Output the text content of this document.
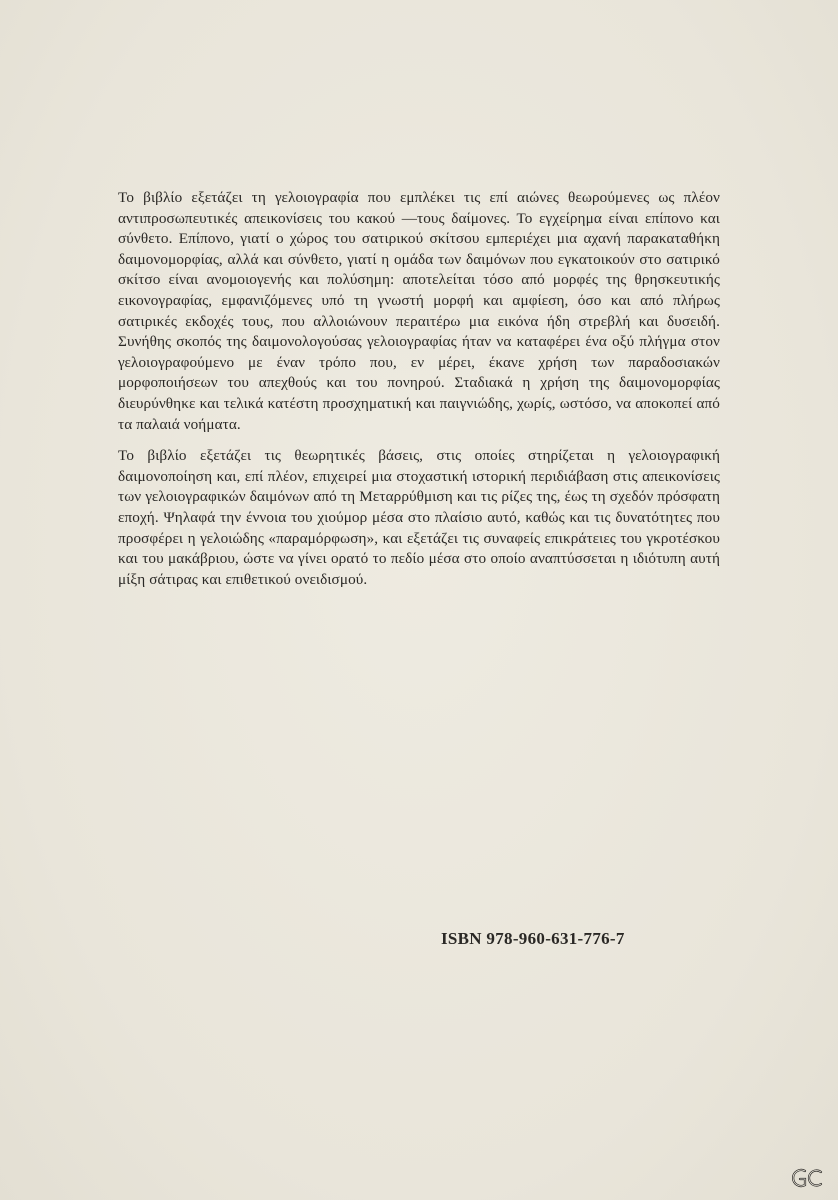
Το βιβλίο εξετάζει τη γελοιογραφία που εμπλέκει τις επί αιώνες θεωρούμενες ως πλέον αντιπροσωπευτικές απεικονίσεις του κακού —τους δαίμονες. Το εγχείρημα είναι επίπονο και σύνθετο. Επίπονο, γιατί ο χώρος του σατιρικού σκίτσου εμπεριέχει μια αχανή παρακαταθήκη δαιμονομορφίας, αλλά και σύνθετο, γιατί η ομάδα των δαιμόνων που εγκατοικούν στο σατιρικό σκίτσο είναι ανομοιογενής και πολύσημη: αποτελείται τόσο από μορφές της θρησκευτικής εικονογραφίας, εμφανιζόμενες υπό τη γνωστή μορφή και αμφίεση, όσο και από πλήρως σατιρικές εκδοχές τους, που αλλοιώνουν περαιτέρω μια εικόνα ήδη στρεβλή και δυσειδή. Συνήθης σκοπός της δαιμονολογούσας γελοιογραφίας ήταν να καταφέρει ένα οξύ πλήγμα στον γελοιογραφούμενο με έναν τρόπο που, εν μέρει, έκανε χρήση των παραδοσιακών μορφοποιήσεων του απεχθούς και του πονηρού. Σταδιακά η χρήση της δαιμονομορφίας διευρύνθηκε και τελικά κατέστη προσχηματική και παιγνιώδης, χωρίς, ωστόσο, να αποκοπεί από τα παλαιά νοήματα.

Το βιβλίο εξετάζει τις θεωρητικές βάσεις, στις οποίες στηρίζεται η γελοιογραφική δαιμονοποίηση και, επί πλέον, επιχειρεί μια στοχαστική ιστορική περιδιάβαση στις απεικονίσεις των γελοιογραφικών δαιμόνων από τη Μεταρρύθμιση και τις ρίζες της, έως τη σχεδόν πρόσφατη εποχή. Ψηλαφά την έννοια του χιούμορ μέσα στο πλαίσιο αυτό, καθώς και τις δυνατότητες που προσφέρει η γελοιώδης «παραμόρφωση», και εξετάζει τις συναφείς επικράτειες του γκροτέσκου και του μακάβριου, ώστε να γίνει ορατό το πεδίο μέσα στο οποίο αναπτύσσεται η ιδιότυπη αυτή μίξη σάτιρας και επιθετικού ονειδισμού.

ISBN 978-960-631-776-7
